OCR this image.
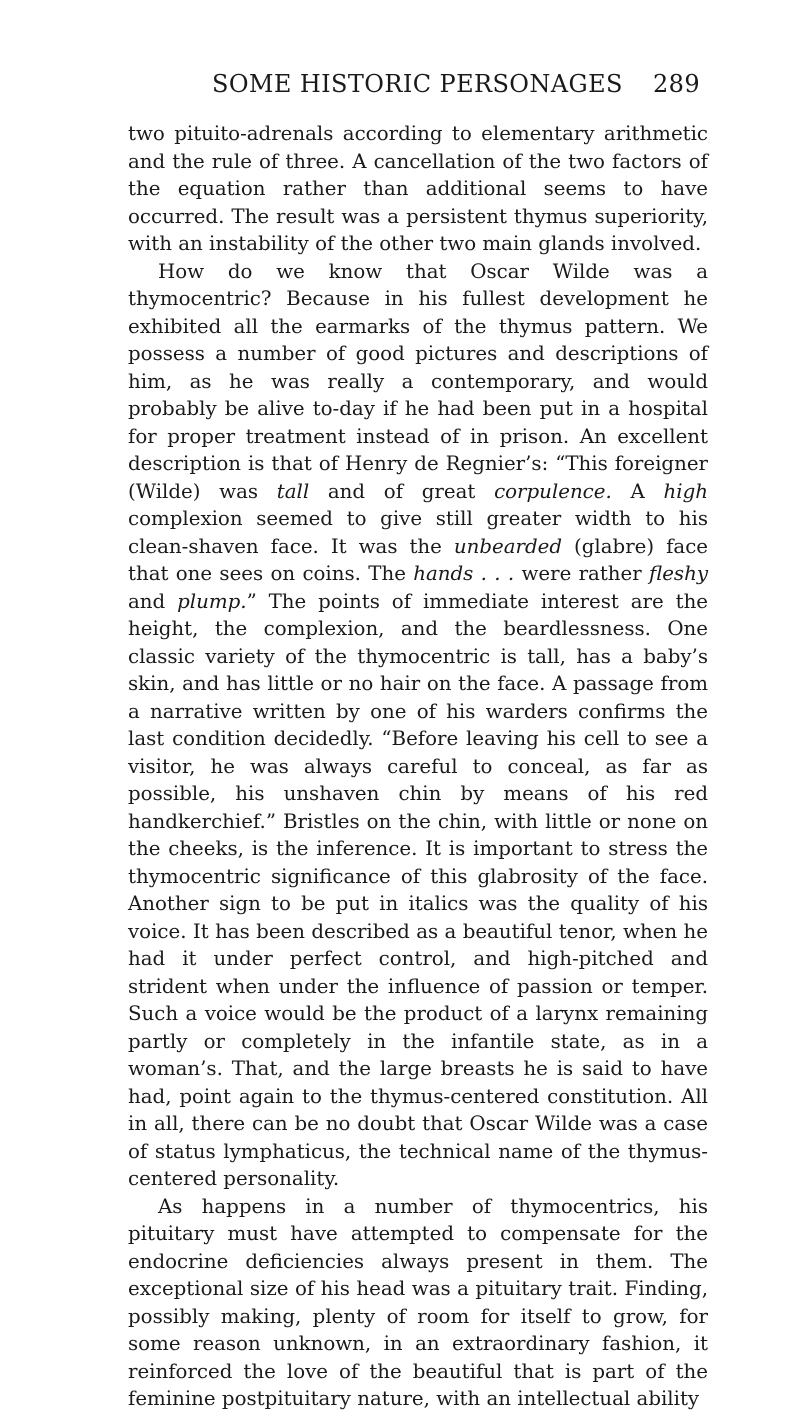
SOME HISTORIC PERSONAGES 289

two pituito-adrenals according to elementary arithmetic and the rule of three. A cancellation of the two factors of the equation rather than additional seems to have occurred. The result was a persistent thymus superiority, with an instability of the other two main glands involved.

How do we know that Oscar Wilde was a thymocentric? Because in his fullest development he exhibited all the earmarks of the thymus pattern. We possess a number of good pictures and descriptions of him, as he was really a contemporary, and would probably be alive to-day if he had been put in a hospital for proper treatment instead of in prison. An excellent description is that of Henry de Regnier’s: “This foreigner (Wilde) was tall and of great corpulence. A high complexion seemed to give still greater width to his clean-shaven face. It was the unbearded (glabre) face that one sees on coins. The hands . . . were rather fleshy and plump.” The points of immediate interest are the height, the complexion, and the beardlessness. One classic variety of the thymocentric is tall, has a baby’s skin, and has little or no hair on the face. A passage from a narrative written by one of his warders confirms the last condition decidedly. “Before leaving his cell to see a visitor, he was always careful to conceal, as far as possible, his unshaven chin by means of his red handkerchief.” Bristles on the chin, with little or none on the cheeks, is the inference. It is important to stress the thymocentric significance of this glabrosity of the face. Another sign to be put in italics was the quality of his voice. It has been described as a beautiful tenor, when he had it under perfect control, and high-pitched and strident when under the influence of passion or temper. Such a voice would be the product of a larynx remaining partly or completely in the infantile state, as in a woman’s. That, and the large breasts he is said to have had, point again to the thymus-centered constitution. All in all, there can be no doubt that Oscar Wilde was a case of status lymphaticus, the technical name of the thymus-centered personality.

As happens in a number of thymocentrics, his pituitary must have attempted to compensate for the endocrine deficiencies always present in them. The exceptional size of his head was a pituitary trait. Finding, possibly making, plenty of room for itself to grow, for some reason unknown, in an extraordinary fashion, it reinforced the love of the beautiful that is part of the feminine postpituitary nature, with an intellectual ability
